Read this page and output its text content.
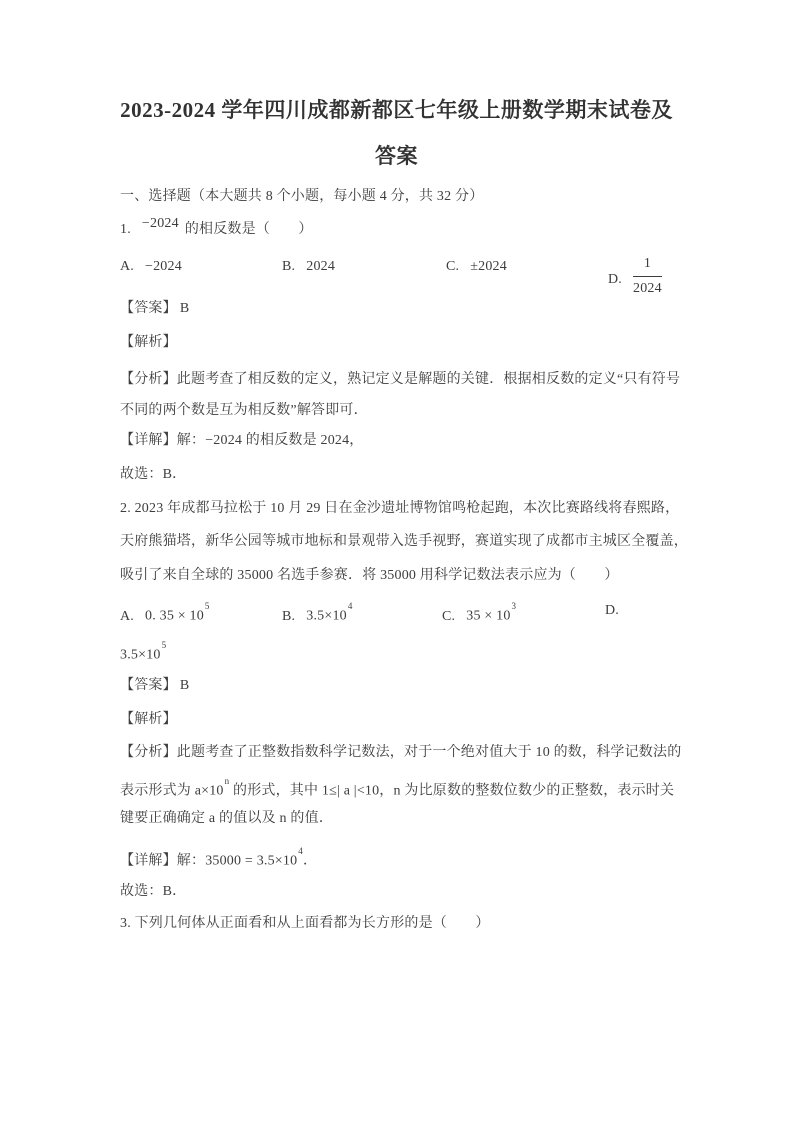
2023-2024 学年四川成都新都区七年级上册数学期末试卷及
答案
一、选择题（本大题共 8 个小题，每小题 4 分，共 32 分）
1. −2024 的相反数是（　　）
A. −2024	B. 2024	C. ±2024
D. $\frac{1}{2024}$
【答案】 B
【解析】
【分析】此题考查了相反数的定义，熟记定义是解题的关键．根据相反数的定义“只有符号
不同的两个数是互为相反数”解答即可．
【详解】解：−2024 的相反数是 2024，
故选：B．
2. 2023 年成都马拉松于 10 月 29 日在金沙遗址博物馆鸣枪起跑，本次比赛路线将春熙路，
天府熊猫塔，新华公园等城市地标和景观带入选手视野，赛道实现了成都市主城区全覆盖，
吸引了来自全球的 35000 名选手参赛．将 35000 用科学记数法表示应为（　　）
A. 0. $35 \times 10^5$
B. $3.5\times 10^4$
C. $35 \times 10^3$	D.
$3.5\times 10^5$
【答案】 B
【解析】
【分析】此题考查了正整数指数科学记数法，对于一个绝对值大于 10 的数，科学记数法的
表示形式为 $a\times 10^n$ 的形式，其中 1≤| a |<10，n 为比原数的整数位数少的正整数，表示时关
键要正确确定 a 的值以及 n 的值．
【详解】解：$35000 = 3.5\times 10^4$．
故选：B．
3. 下列几何体从正面看和从上面看都为长方形的是（　　）
